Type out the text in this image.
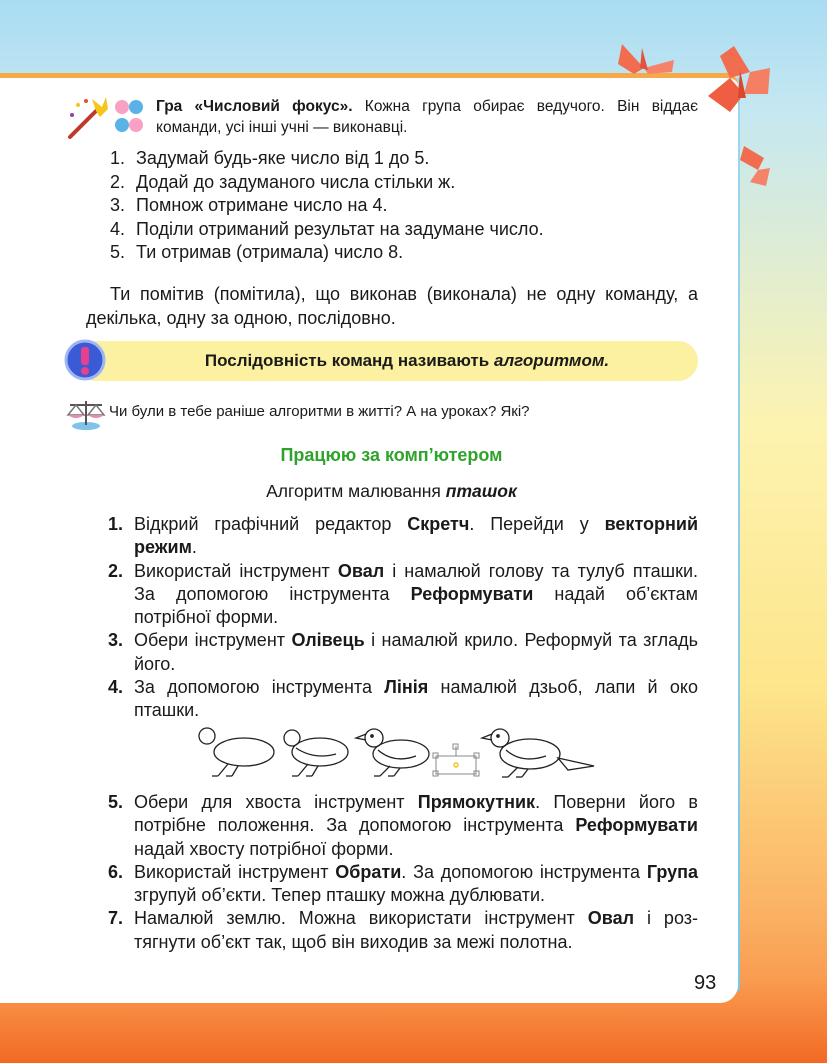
Гра «Числовий фокус». Кожна група обирає ведучого. Він віддає команди, усі інші учні — виконавці.
1. Задумай будь-яке число від 1 до 5.
2. Додай до задуманого числа стільки ж.
3. Помнож отримане число на 4.
4. Поділи отриманий результат на задумане число.
5. Ти отримав (отримала) число 8.
Ти помітив (помітила), що виконав (виконала) не одну команду, а декілька, одну за одною, послідовно.
Послідовність команд називають алгоритмом.
Чи були в тебе раніше алгоритми в житті? А на уроках? Які?
Працюю за комп’ютером
Алгоритм малювання пташок
1. Відкрий графічний редактор Скретч. Перейди у векторний режим.
2. Використай інструмент Овал і намалюй голову та тулуб пташки. За допомогою інструмента Реформувати надай об’єктам потрібної форми.
3. Обери інструмент Олівець і намалюй крило. Реформуй та згладь його.
4. За допомогою інструмента Лінія намалюй дзьоб, лапи й око пташки.
5. Обери для хвоста інструмент Прямокутник. Поверни його в потрібне положення. За допомогою інструмента Реформувати надай хвосту потрібної форми.
6. Використай інструмент Обрати. За допомогою інструмента Група згрупуй об’єкти. Тепер пташку можна дублювати.
7. Намалюй землю. Можна використати інструмент Овал і розтягнути об’єкт так, щоб він виходив за межі полотна.
93
